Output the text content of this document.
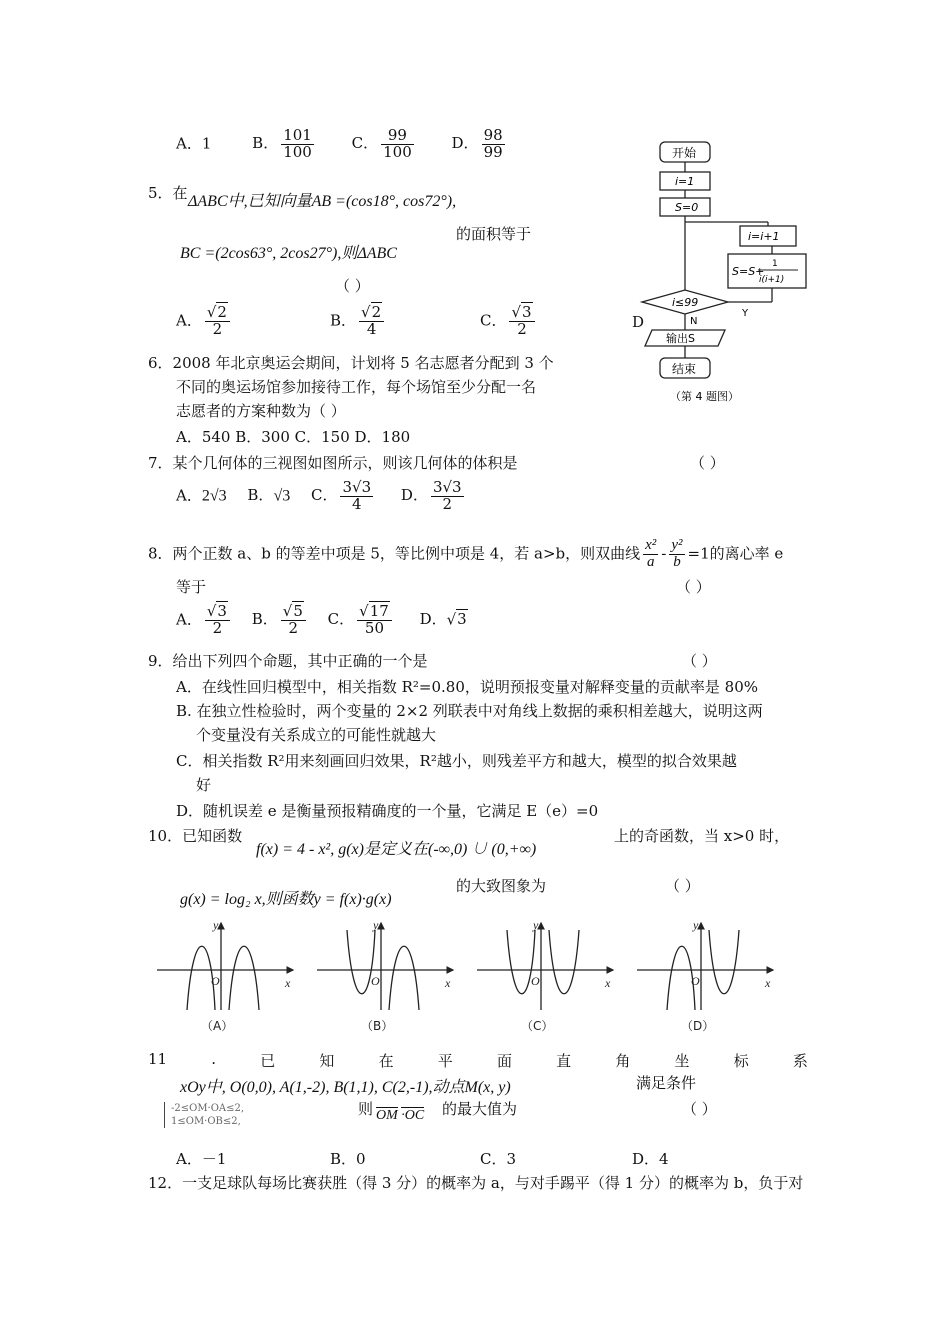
A．1	B． $\frac{101}{100}$	C． $\frac{99}{100}$	D． $\frac{98}{99}$	开始
i=1
S=0
i=i+1
S=S+
1
i(i+1)
i≤99
N
Y
输出S
结束
（第 4 题图）
5．在 ΔABC中,已知向量AB =(cos18°, cos72°),
BC =(2cos63°, 2cos27°),则ΔABC
的面积等于
（ ）
A． $\frac{√2}{2}$	B． $\frac{√2}{4}$	C． $\frac{√3}{2}$	D
6．2008 年北京奥运会期间，计划将 5 名志愿者分配到 3 个
不同的奥运场馆参加接待工作，每个场馆至少分配一名
志愿者的方案种数为（ ）
A．540 B．300 C．150 D．180
7．某个几何体的三视图如图所示，则该几何体的体积是	（ ）
A．2√3 B．√3 C． $\frac{3√3}{4}$ D． $\frac{3√3}{2}$
8．两个正数 a、b 的等差中项是 5，等比例中项是 4，若 a>b，则双曲线 $\frac{\text{x²}}{a} - \frac{\text{y²}}{b} =1$的离心率 e
等于	（ ）
A． $\frac{√3}{2}$ B． $\frac{√5}{2}$ C． $\frac{√17}{50}$ D．√3
9．给出下列四个命题，其中正确的一个是	（ ）
A．在线性回归模型中，相关指数 R²=0.80，说明预报变量对解释变量的贡献率是 80%
B. 在独立性检验时，两个变量的 2×2 列联表中对角线上数据的乘积相差越大，说明这两
个变量没有关系成立的可能性就越大
C．相关指数 R²用来刻画回归效果，R²越小，则残差平方和越大，模型的拟合效果越
好
D．随机误差 e 是衡量预报精确度的一个量，它满足 E（e）=0
10．已知函数
f(x) = 4 - x², g(x)是定义在(-∞,0) ∪ (0,+∞)
上的奇函数，当 x>0 时，
g(x) = log₂ x,则函数y = f(x)·g(x)
的大致图象为	（ ）
y
x
O
y
x
O
y
x
O
y
x
O
（A）	（B）	（C）	（D）
11	.	已	知	在	平	面	直	角	坐	标	系
xOy中, O(0,0), A(1,-2), B(1,1), C(2,-1),动点M(x, y)	满足条件
-2≤OM·OA≤2,
1≤OM·OB≤2,
则 OM ·OC 的最大值为	（ ）
A．－1	B．0	C．3	D．4
12．一支足球队每场比赛获胜（得 3 分）的概率为 a，与对手踢平（得 1 分）的概率为 b，负于对
